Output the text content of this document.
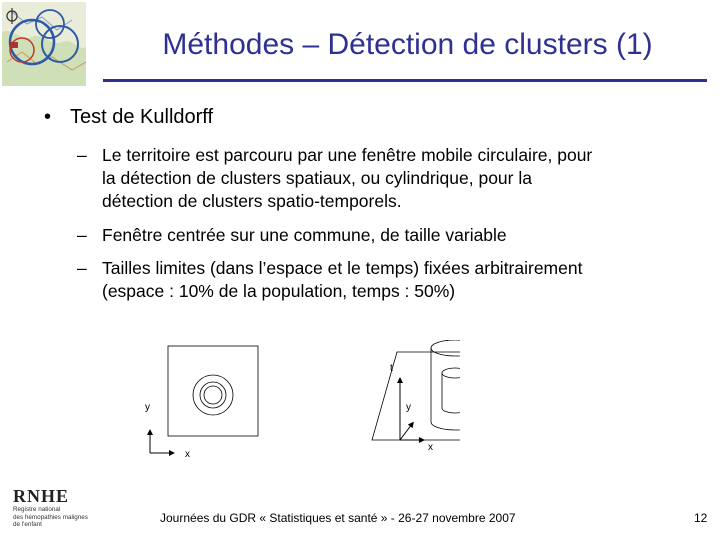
Méthodes – Détection de clusters (1)
• Test de Kulldorff
– Le territoire est parcouru par une fenêtre mobile circulaire, pour
la détection de clusters spatiaux, ou cylindrique, pour la
détection de clusters spatio-temporels.
– Fenêtre centrée sur une commune, de taille variable
– Tailles limites (dans l’espace et le temps) fixées arbitrairement
(espace : 10% de la population, temps : 50%)
y
x
t
y
x
RNHE
Registre national
des hémopathies malignes
de l'enfant	Journées du GDR « Statistiques et santé » - 26-27 novembre 2007	12
